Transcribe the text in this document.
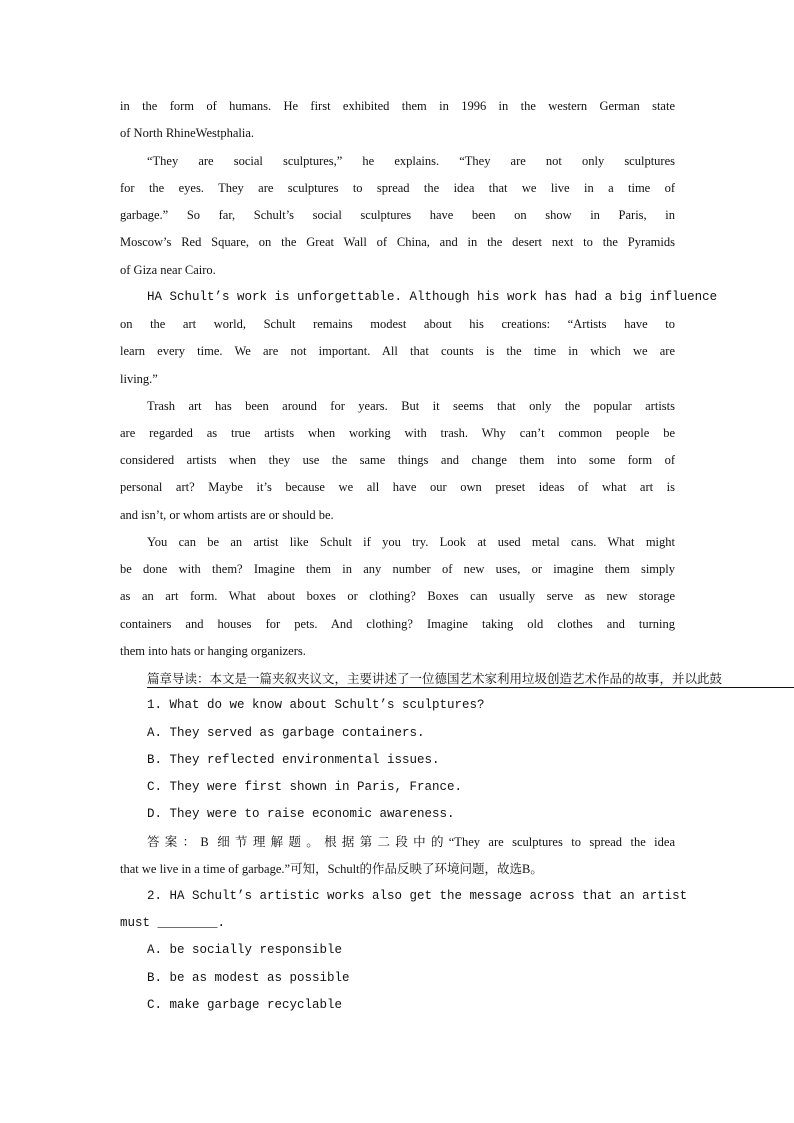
in the form of humans. He first exhibited them in 1996 in the western German state
of North RhineWestphalia.
“They are social sculptures,” he explains. “They are not only sculptures
for the eyes. They are sculptures to spread the idea that we live in a time of
garbage.” So far, Schult’s social sculptures have been on show in Paris, in
Moscow’s Red Square, on the Great Wall of China, and in the desert next to the Pyramids
of Giza near Cairo.
HA Schult’s work is unforgettable. Although his work has had a big influence
on the art world, Schult remains modest about his creations: “Artists have to
learn every time. We are not important. All that counts is the time in which we are
living.”
Trash art has been around for years. But it seems that only the popular artists
are regarded as true artists when working with trash. Why can’t common people be
considered artists when they use the same things and change them into some form of
personal art? Maybe it’s because we all have our own preset ideas of what art is
and isn’t, or whom artists are or should be.
You can be an artist like Schult if you try. Look at used metal cans. What might
be done with them? Imagine them in any number of new uses, or imagine them simply
as an art form. What about boxes or clothing? Boxes can usually serve as new storage
containers and houses for pets. And clothing? Imagine taking old clothes and turning
them into hats or hanging organizers.
篇章导读：本文是一篇夹叙夹议文，主要讲述了一位德国艺术家利用垃圾创造艺术作品的故事，并以此鼓
1. What do we know about Schult’s sculptures?
A. They served as garbage containers.
B. They reflected environmental issues.
C. They were first shown in Paris, France.
D. They were to raise economic awareness.
答案：B 细节理解题。根据第二段中的“They are sculptures to spread the idea
that we live in a time of garbage.”可知，Schult的作品反映了环境问题，故选B。
2. HA Schult’s artistic works also get the message across that an artist
must ________.
A. be socially responsible
B. be as modest as possible
C. make garbage recyclable
